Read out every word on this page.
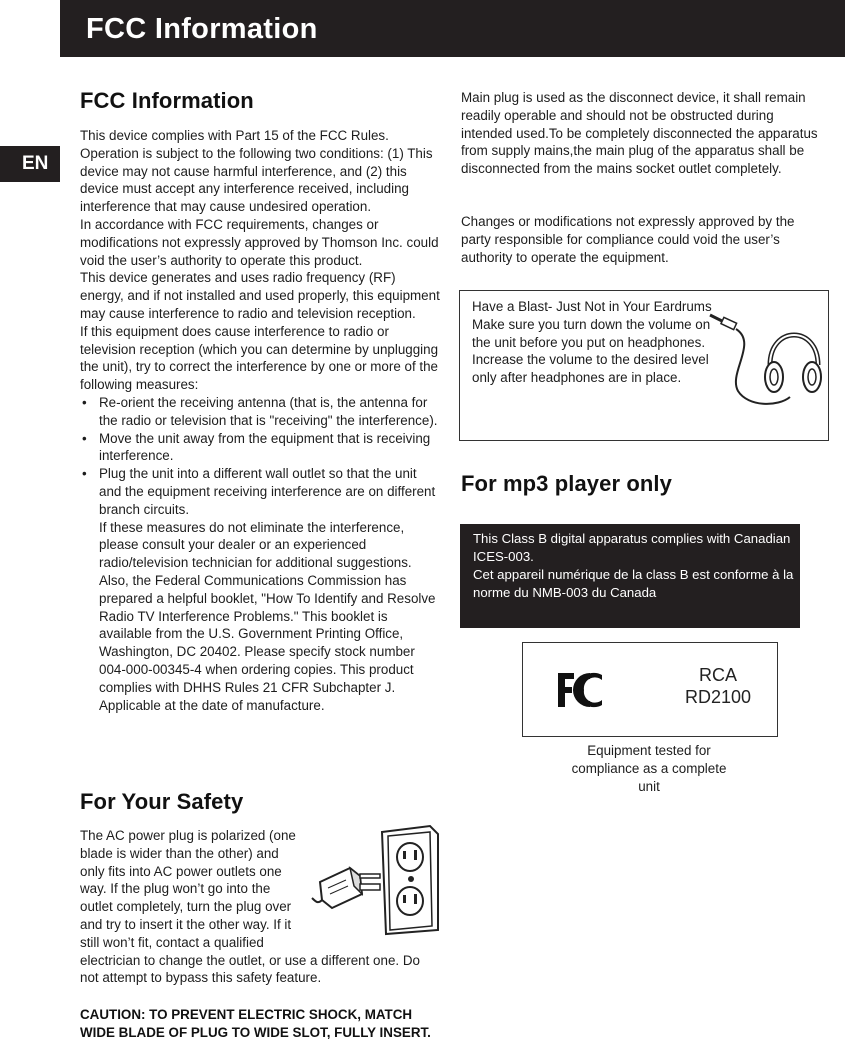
FCC Information
EN
FCC Information

This device complies with Part 15 of the FCC Rules. Operation is subject to the following two conditions: (1) This device may not cause harmful interference, and (2) this device must accept any interference received, including interference that may cause undesired operation.

In accordance with FCC requirements, changes or modifications not expressly approved by Thomson Inc. could void the user’s authority to operate this product.

This device generates and uses radio frequency (RF) energy, and if not installed and used properly, this equipment may cause interference to radio and television reception.

If this equipment does cause interference to radio or television reception (which you can determine by unplugging the unit), try to correct the interference by one or more of the following measures:

• Re-orient the receiving antenna (that is, the antenna for the radio or television that is "receiving" the interference).
• Move the unit away from the equipment that is receiving interference.
• Plug the unit into a different wall outlet so that the unit and the equipment receiving interference are on different branch circuits.

If these measures do not eliminate the interference, please consult your dealer or an experienced radio/television technician for additional suggestions. Also, the Federal Communications Commission has prepared a helpful booklet, "How To Identify and Resolve Radio TV Interference Problems." This booklet is available from the U.S. Government Printing Office, Washington, DC 20402. Please specify stock number 004-000-00345-4 when ordering copies. This product complies with DHHS Rules 21 CFR Subchapter J. Applicable at the date of manufacture.

For Your Safety

The AC power plug is polarized (one blade is wider than the other) and only fits into AC power outlets one way. If the plug won’t go into the outlet completely, turn the plug over and try to insert it the other way. If it still won’t fit, contact a qualified electrician to change the outlet, or use a different one. Do not attempt to bypass this safety feature.

CAUTION: TO PREVENT ELECTRIC SHOCK, MATCH WIDE BLADE OF PLUG TO WIDE SLOT, FULLY INSERT.
Main plug is used as the disconnect device, it shall remain readily operable and should not be obstructed during intended used.To be completely disconnected the apparatus from supply mains,the main plug of the apparatus shall be disconnected from the mains socket outlet completely.
Changes or modifications not expressly approved by the party responsible for compliance could void the user’s authority to operate the equipment.

Have a Blast- Just Not in Your Eardrums

Make sure you turn down the volume on the unit before you put on headphones. Increase the volume to the desired level only after headphones are in place.

For mp3 player only

This Class B digital apparatus complies with Canadian ICES-003.

Cet appareil numérique de la class B est conforme à la norme du NMB-003 du Canada

RCA
RD2100
Equipment tested for compliance as a complete unit
